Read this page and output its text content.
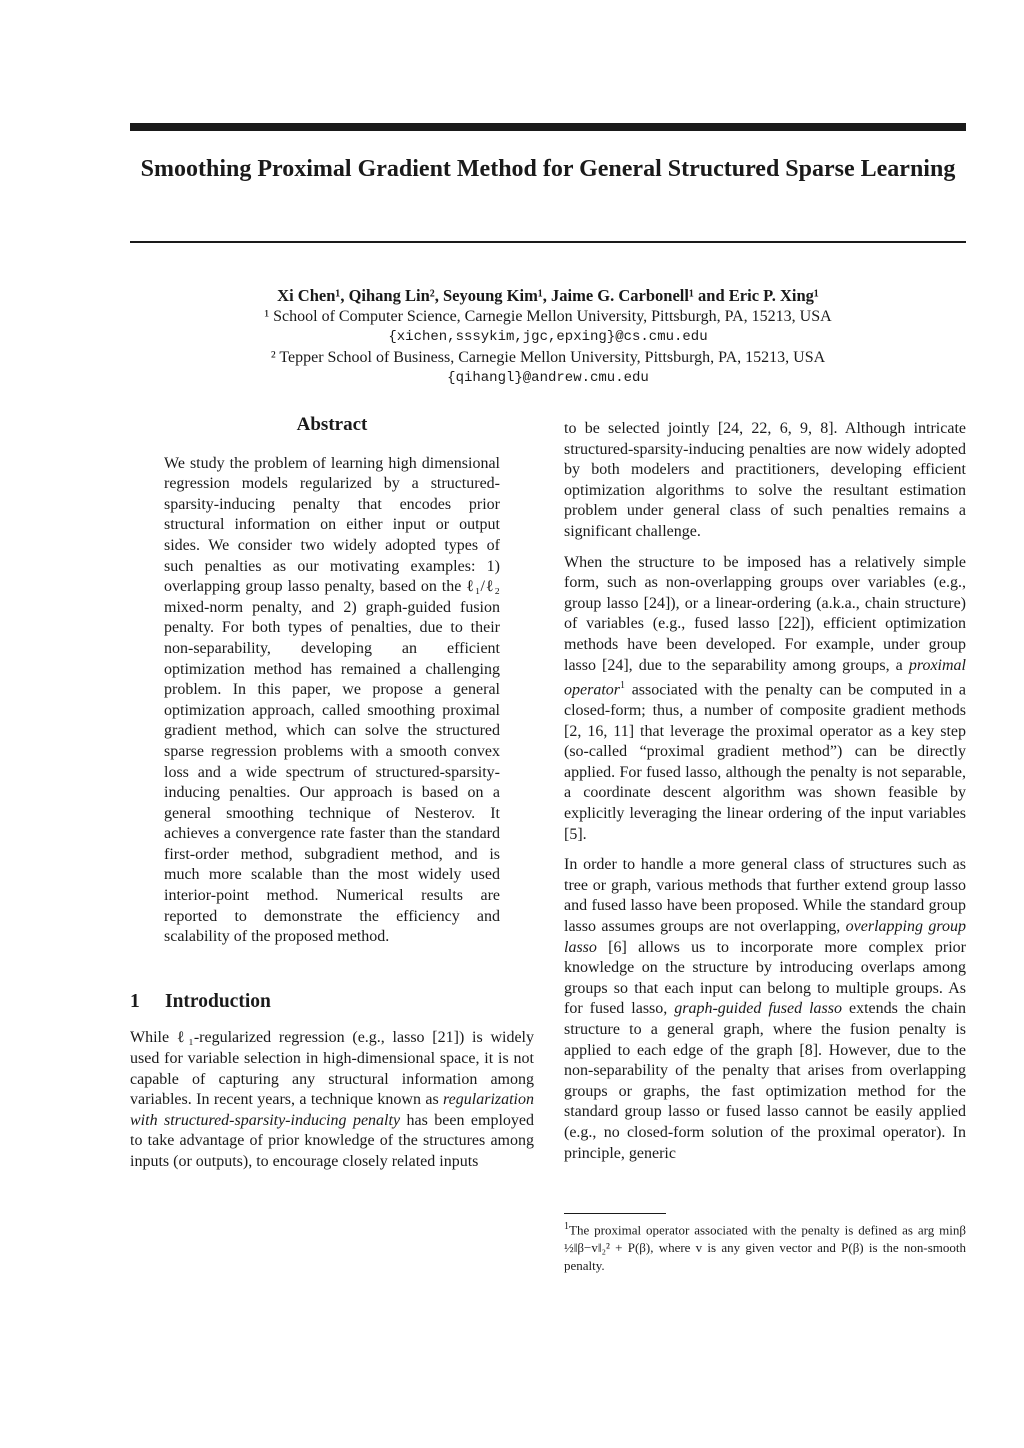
Smoothing Proximal Gradient Method for General Structured Sparse Learning
Xi Chen¹, Qihang Lin², Seyoung Kim¹, Jaime G. Carbonell¹ and Eric P. Xing¹
¹ School of Computer Science, Carnegie Mellon University, Pittsburgh, PA, 15213, USA
{xichen,sssykim,jgc,epxing}@cs.cmu.edu
² Tepper School of Business, Carnegie Mellon University, Pittsburgh, PA, 15213, USA
{qihangl}@andrew.cmu.edu
Abstract
We study the problem of learning high dimensional regression models regularized by a structured-sparsity-inducing penalty that encodes prior structural information on either input or output sides. We consider two widely adopted types of such penalties as our motivating examples: 1) overlapping group lasso penalty, based on the ℓ₁/ℓ₂ mixed-norm penalty, and 2) graph-guided fusion penalty. For both types of penalties, due to their non-separability, developing an efficient optimization method has remained a challenging problem. In this paper, we propose a general optimization approach, called smoothing proximal gradient method, which can solve the structured sparse regression problems with a smooth convex loss and a wide spectrum of structured-sparsity-inducing penalties. Our approach is based on a general smoothing technique of Nesterov. It achieves a convergence rate faster than the standard first-order method, subgradient method, and is much more scalable than the most widely used interior-point method. Numerical results are reported to demonstrate the efficiency and scalability of the proposed method.
1 Introduction

While ℓ₁-regularized regression (e.g., lasso [21]) is widely used for variable selection in high-dimensional space, it is not capable of capturing any structural information among variables. In recent years, a technique known as regularization with structured-sparsity-inducing penalty has been employed to take advantage of prior knowledge of the structures among inputs (or outputs), to encourage closely related inputs

to be selected jointly [24, 22, 6, 9, 8]. Although intricate structured-sparsity-inducing penalties are now widely adopted by both modelers and practitioners, developing efficient optimization algorithms to solve the resultant estimation problem under general class of such penalties remains a significant challenge.

When the structure to be imposed has a relatively simple form, such as non-overlapping groups over variables (e.g., group lasso [24]), or a linear-ordering (a.k.a., chain structure) of variables (e.g., fused lasso [22]), efficient optimization methods have been developed. For example, under group lasso [24], due to the separability among groups, a proximal operator$^1$ associated with the penalty can be computed in a closed-form; thus, a number of composite gradient methods [2, 16, 11] that leverage the proximal operator as a key step (so-called “proximal gradient method”) can be directly applied. For fused lasso, although the penalty is not separable, a coordinate descent algorithm was shown feasible by explicitly leveraging the linear ordering of the input variables [5].

In order to handle a more general class of structures such as tree or graph, various methods that further extend group lasso and fused lasso have been proposed. While the standard group lasso assumes groups are not overlapping, overlapping group lasso [6] allows us to incorporate more complex prior knowledge on the structure by introducing overlaps among groups so that each input can belong to multiple groups. As for fused lasso, graph-guided fused lasso extends the chain structure to a general graph, where the fusion penalty is applied to each edge of the graph [8]. However, due to the non-separability of the penalty that arises from overlapping groups or graphs, the fast optimization method for the standard group lasso or fused lasso cannot be easily applied (e.g., no closed-form solution of the proximal operator). In principle, generic

$^1$The proximal operator associated with the penalty is defined as arg minβ ½‖β−v‖₂² + P(β), where v is any given vector and P(β) is the non-smooth penalty.
